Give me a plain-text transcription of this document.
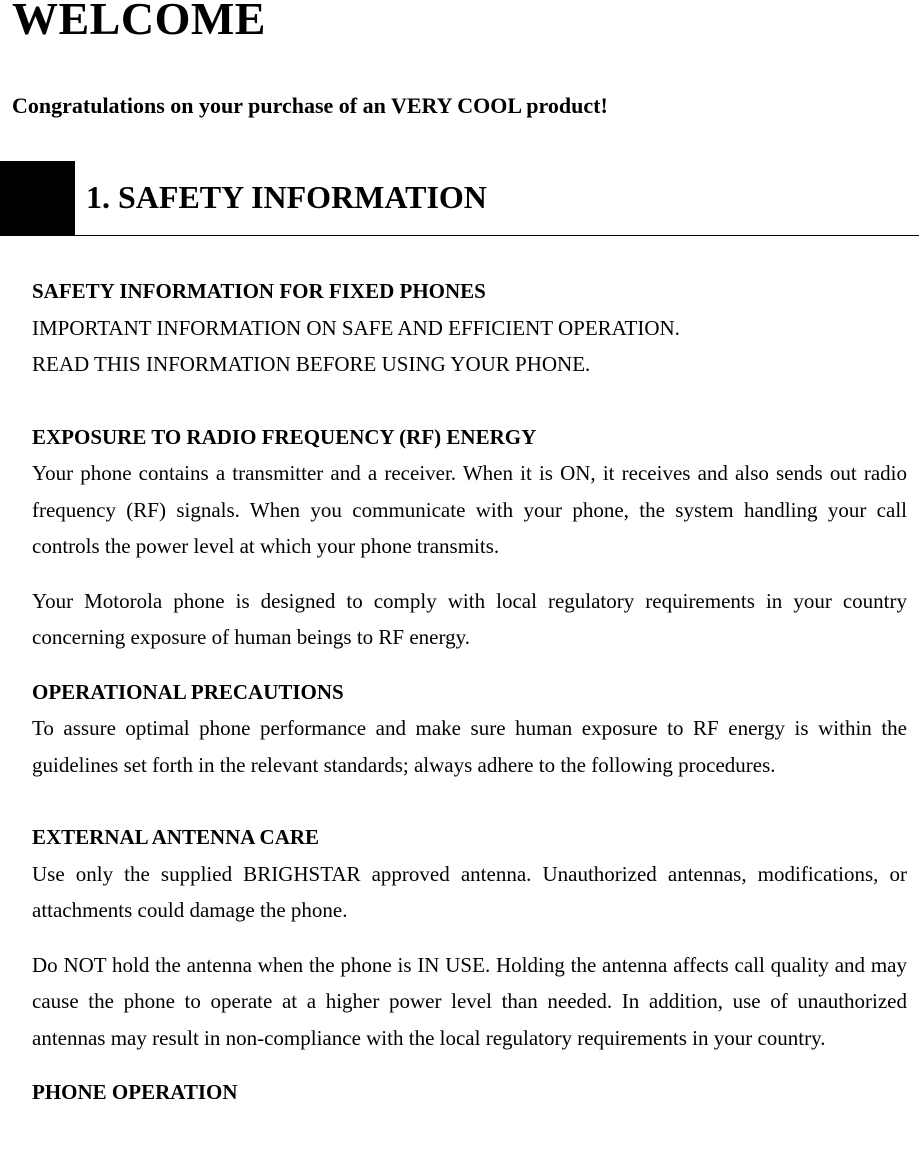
WELCOME

Congratulations on your purchase of an VERY COOL product!

1. SAFETY INFORMATION

SAFETY INFORMATION FOR FIXED PHONES

IMPORTANT INFORMATION ON SAFE AND EFFICIENT OPERATION.

READ THIS INFORMATION BEFORE USING YOUR PHONE.

EXPOSURE TO RADIO FREQUENCY (RF) ENERGY

Your phone contains a transmitter and a receiver. When it is ON, it receives and also sends out radio frequency (RF) signals. When you communicate with your phone, the system handling your call controls the power level at which your phone transmits.

Your Motorola phone is designed to comply with local regulatory requirements in your country concerning exposure of human beings to RF energy.

OPERATIONAL PRECAUTIONS

To assure optimal phone performance and make sure human exposure to RF energy is within the guidelines set forth in the relevant standards; always adhere to the following procedures.

EXTERNAL ANTENNA CARE

Use only the supplied BRIGHSTAR approved antenna. Unauthorized antennas, modifications, or attachments could damage the phone.

Do NOT hold the antenna when the phone is IN USE. Holding the antenna affects call quality and may cause the phone to operate at a higher power level than needed. In addition, use of unauthorized antennas may result in non-compliance with the local regulatory requirements in your country.

PHONE OPERATION
